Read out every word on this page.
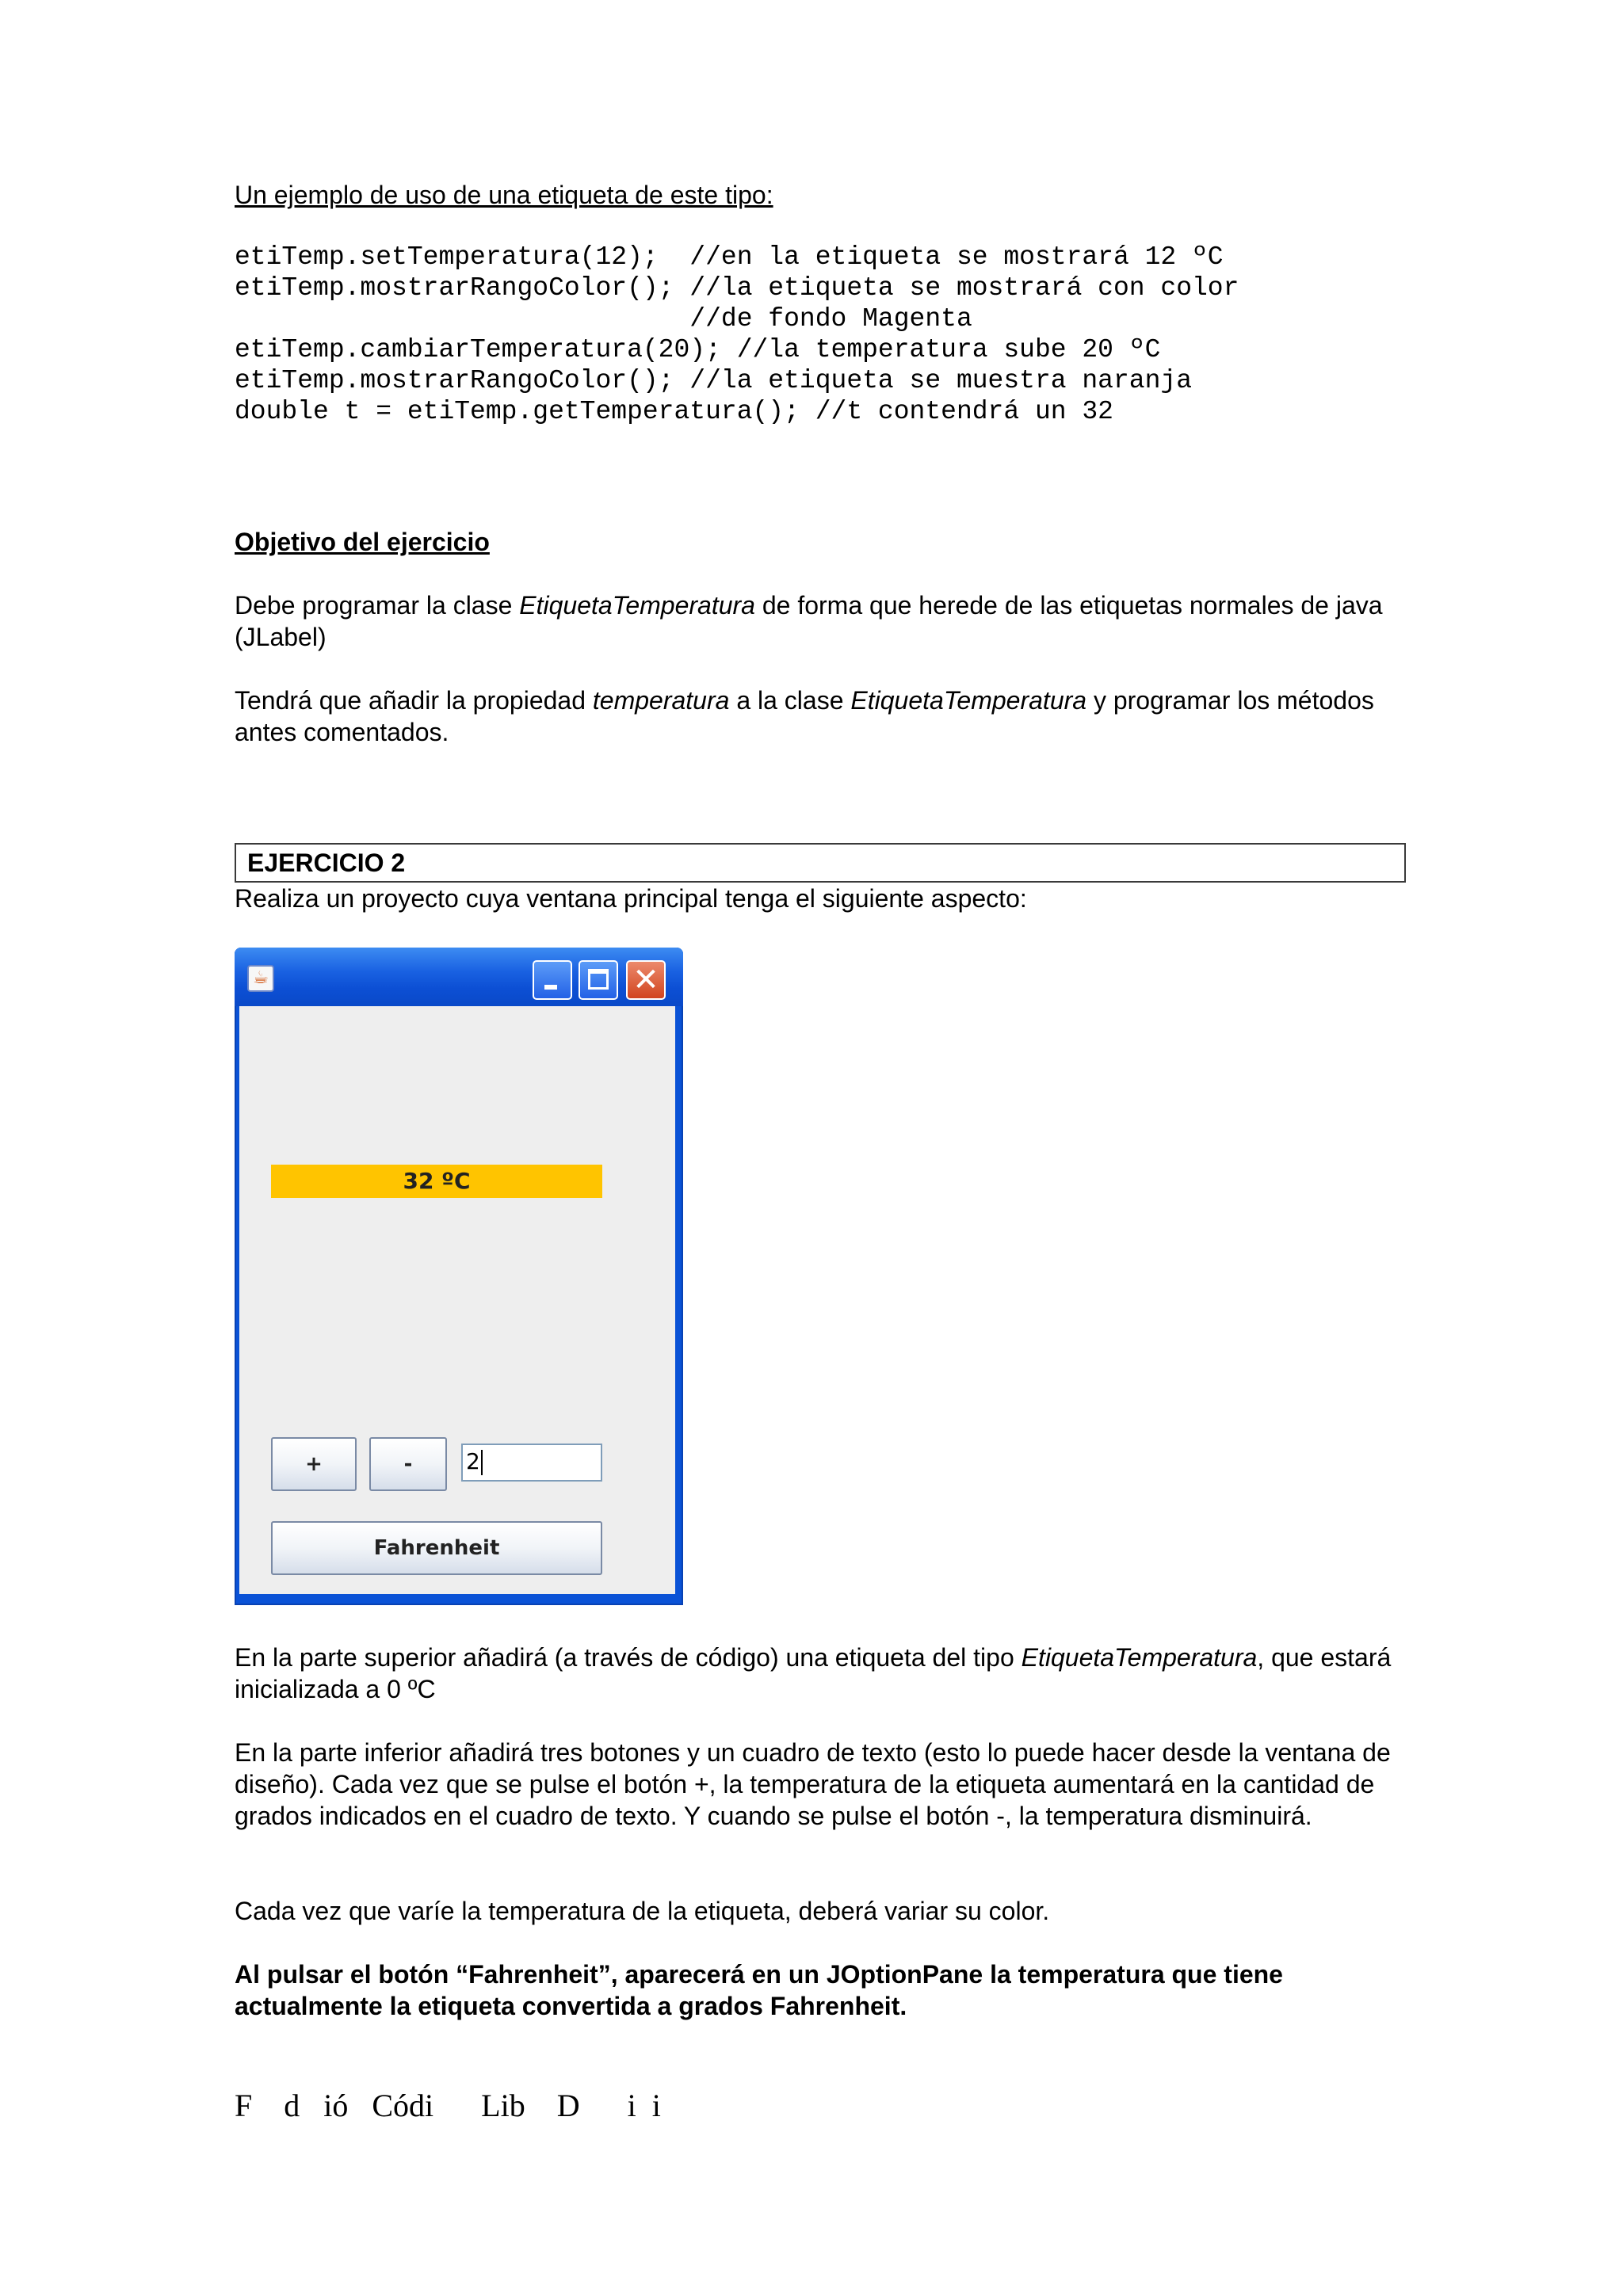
Un ejemplo de uso de una etiqueta de este tipo:
etiTemp.setTemperatura(12);  //en la etiqueta se mostrará 12 ºC
etiTemp.mostrarRangoColor(); //la etiqueta se mostrará con color
//de fondo Magenta
etiTemp.cambiarTemperatura(20); //la temperatura sube 20 ºC
etiTemp.mostrarRangoColor(); //la etiqueta se muestra naranja
double t = etiTemp.getTemperatura(); //t contendrá un 32
Objetivo del ejercicio

Debe programar la clase EtiquetaTemperatura de forma que herede de las etiquetas normales de java (JLabel)

Tendrá que añadir la propiedad temperatura a la clase EtiquetaTemperatura y programar los métodos antes comentados.

EJERCICIO 2
Realiza un proyecto cuya ventana principal tenga el siguiente aspecto:
☕	✕
32 ºC
+	-	2
Fahrenheit

En la parte superior añadirá (a través de código) una etiqueta del tipo EtiquetaTemperatura, que estará inicializada a 0 ºC

En la parte inferior añadirá tres botones y un cuadro de texto (esto lo puede hacer desde la ventana de diseño). Cada vez que se pulse el botón +, la temperatura de la etiqueta aumentará en la cantidad de grados indicados en el cuadro de texto. Y cuando se pulse el botón -, la temperatura disminuirá.

Cada vez que varíe la temperatura de la etiqueta, deberá variar su color.

Al pulsar el botón “Fahrenheit”, aparecerá en un JOptionPane la temperatura que tiene actualmente la etiqueta convertida a grados Fahrenheit.

F    d   ió   Códi      Lib    D      i  i
